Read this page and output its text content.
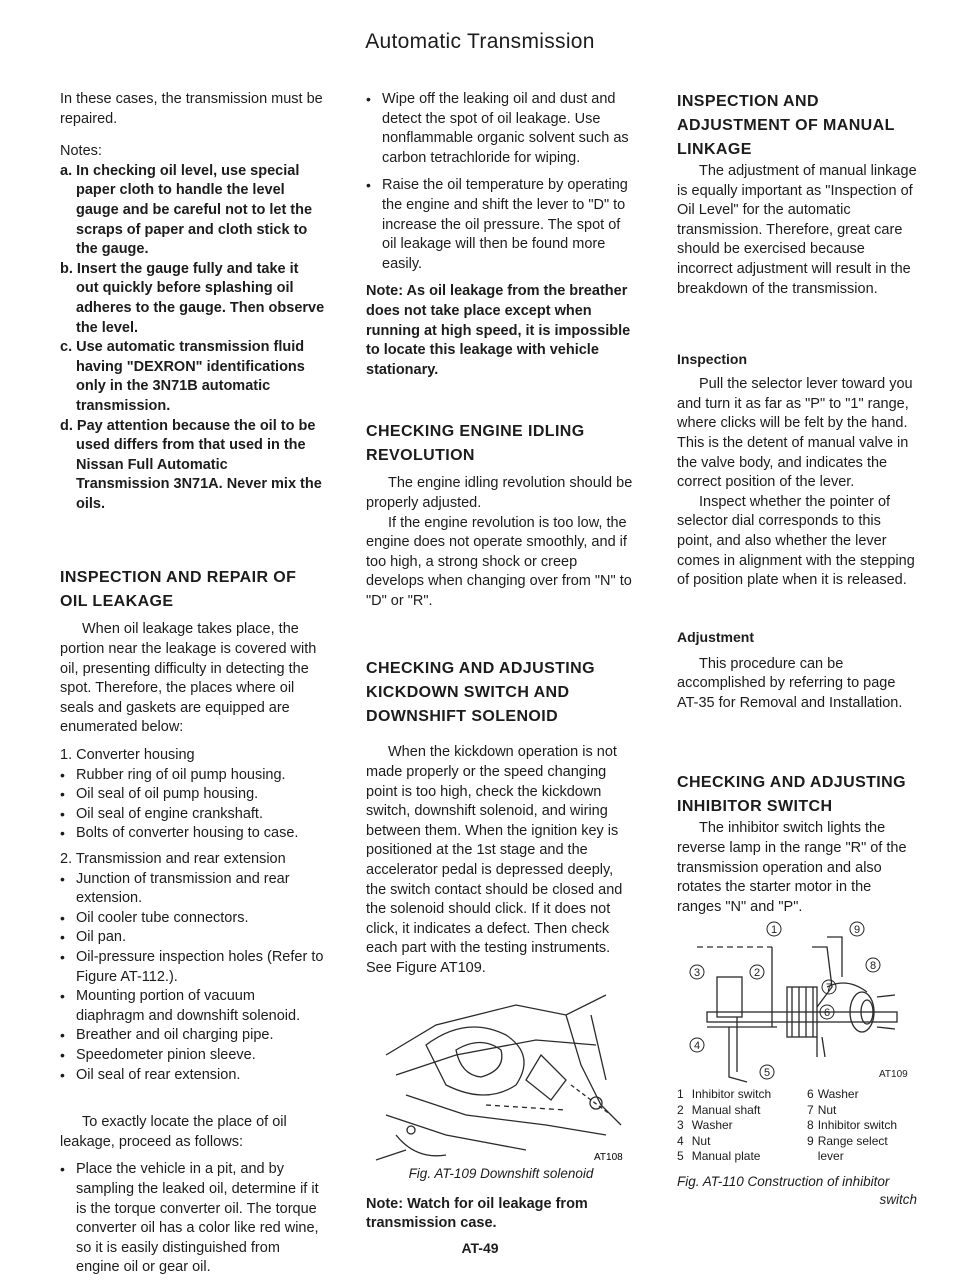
Automatic Transmission

In these cases, the transmission must be repaired.

Notes:

a. In checking oil level, use special paper cloth to handle the level gauge and be careful not to let the scraps of paper and cloth stick to the gauge.

b. Insert the gauge fully and take it out quickly before splashing oil adheres to the gauge. Then observe the level.

c. Use automatic transmission fluid having "DEXRON" identifications only in the 3N71B automatic transmission.

d. Pay attention because the oil to be used differs from that used in the Nissan Full Automatic Transmission 3N71A. Never mix the oils.

INSPECTION AND REPAIR OF OIL LEAKAGE

When oil leakage takes place, the portion near the leakage is covered with oil, presenting difficulty in detecting the spot. Therefore, the places where oil seals and gaskets are equipped are enumerated below:

1. Converter housing

• Rubber ring of oil pump housing.

• Oil seal of oil pump housing.

• Oil seal of engine crankshaft.

• Bolts of converter housing to case.

2. Transmission and rear extension

• Junction of transmission and rear extension.

• Oil cooler tube connectors.

• Oil pan.

• Oil-pressure inspection holes (Refer to Figure AT-112.).

• Mounting portion of vacuum diaphragm and downshift solenoid.

• Breather and oil charging pipe.

• Speedometer pinion sleeve.

• Oil seal of rear extension.

To exactly locate the place of oil leakage, proceed as follows:

• Place the vehicle in a pit, and by sampling the leaked oil, determine if it is the torque converter oil. The torque converter oil has a color like red wine, so it is easily distinguished from engine oil or gear oil.

• Wipe off the leaking oil and dust and detect the spot of oil leakage. Use nonflammable organic solvent such as carbon tetrachloride for wiping.

• Raise the oil temperature by operating the engine and shift the lever to "D" to increase the oil pressure. The spot of oil leakage will then be found more easily.

Note: As oil leakage from the breather does not take place except when running at high speed, it is impossible to locate this leakage with vehicle stationary.

CHECKING ENGINE IDLING REVOLUTION

The engine idling revolution should be properly adjusted.

If the engine revolution is too low, the engine does not operate smoothly, and if too high, a strong shock or creep develops when changing over from "N" to "D" or "R".

CHECKING AND ADJUSTING KICKDOWN SWITCH AND DOWNSHIFT SOLENOID

When the kickdown operation is not made properly or the speed changing point is too high, check the kickdown switch, downshift solenoid, and wiring between them. When the ignition key is positioned at the 1st stage and the accelerator pedal is depressed deeply, the switch contact should be closed and the solenoid should click. If it does not click, it indicates a defect. Then check each part with the testing instruments. See Figure AT109.

AT108

Fig. AT-109 Downshift solenoid

Note: Watch for oil leakage from transmission case.

INSPECTION AND ADJUSTMENT OF MANUAL LINKAGE

The adjustment of manual linkage is equally important as "Inspection of Oil Level" for the automatic transmission. Therefore, great care should be exercised because incorrect adjustment will result in the breakdown of the transmission.

Inspection

Pull the selector lever toward you and turn it as far as "P" to "1" range, where clicks will be felt by the hand. This is the detent of manual valve in the valve body, and indicates the correct position of the lever.

Inspect whether the pointer of selector dial corresponds to this point, and also whether the lever comes in alignment with the stepping of position plate when it is released.

Adjustment

This procedure can be accomplished by referring to page AT-35 for Removal and Installation.

CHECKING AND ADJUSTING INHIBITOR SWITCH

The inhibitor switch lights the reverse lamp in the range "R" of the transmission operation and also rotates the starter motor in the ranges "N" and "P".

1
2
3
4
5
6
7
8
9
AT109
1	Inhibitor switch
2	Manual shaft
3	Washer
4	Nut
5	Manual plate
6	Washer
7	Nut
8	Inhibitor switch
9	Range select lever

Fig. AT-110 Construction of inhibitor

switch

AT-49
